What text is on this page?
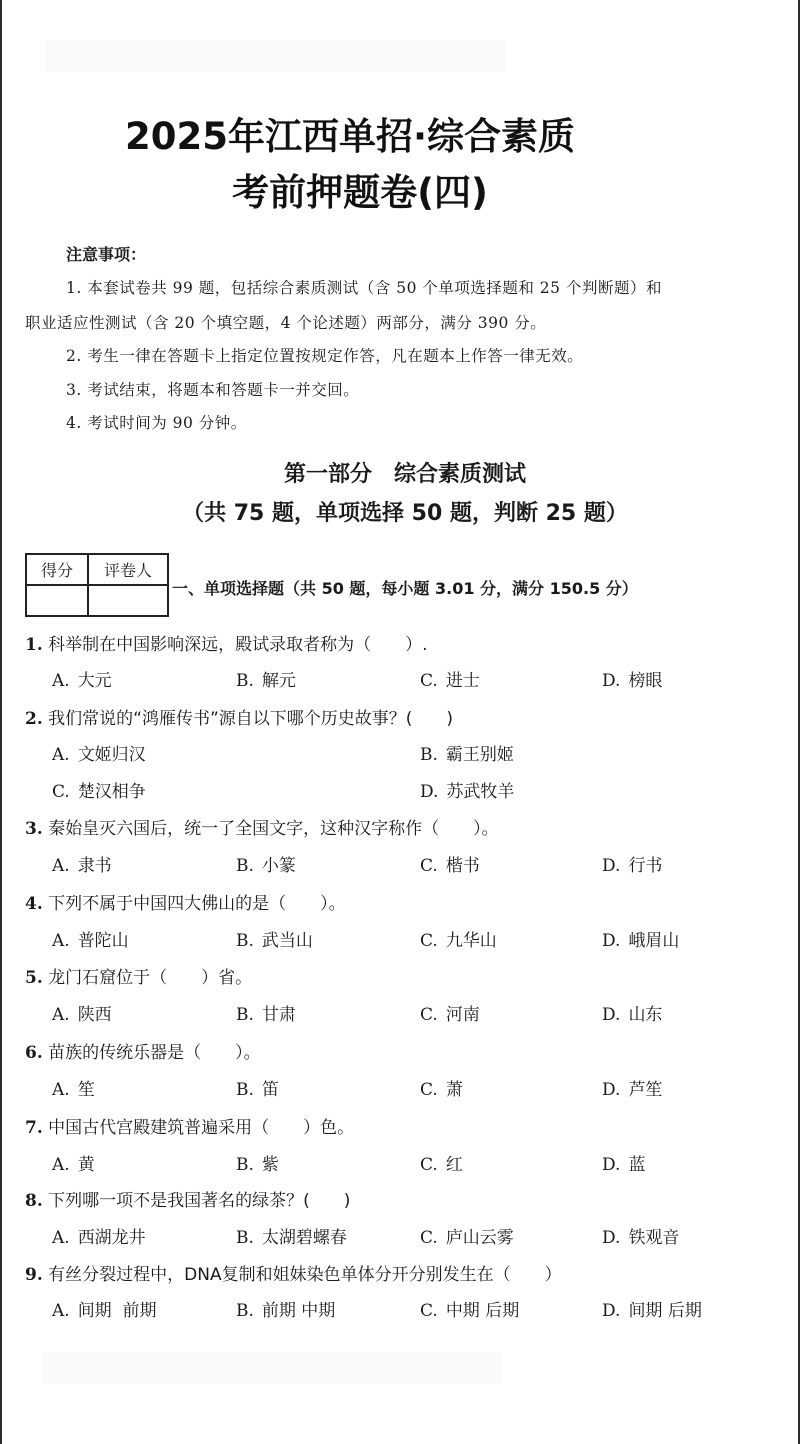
2025年江西单招·综合素质
考前押题卷(四)
注意事项：
1. 本套试卷共 99 题，包括综合素质测试（含 50 个单项选择题和 25 个判断题）和
职业适应性测试（含 20 个填空题，4 个论述题）两部分，满分 390 分。
2. 考生一律在答题卡上指定位置按规定作答，凡在题本上作答一律无效。
3. 考试结束，将题本和答题卡一并交回。
4. 考试时间为 90 分钟。
第一部分　综合素质测试
（共 75 题，单项选择 50 题，判断 25 题）
得分	评卷人

一、单项选择题（共 50 题，每小题 3.01 分，满分 150.5 分）
1. 科举制在中国影响深远，殿试录取者称为（　　）.
A. 大元	B. 解元	C. 进士	D. 榜眼
2. 我们常说的“鸿雁传书”源自以下哪个历史故事？(　　)
A. 文姬归汉	B. 霸王别姬
C. 楚汉相争	D. 苏武牧羊
3. 秦始皇灭六国后，统一了全国文字，这种汉字称作（　　）。
A. 隶书	B. 小篆	C. 楷书	D. 行书
4. 下列不属于中国四大佛山的是（　　）。
A. 普陀山	B. 武当山	C. 九华山	D. 峨眉山
5. 龙门石窟位于（　　）省。
A. 陕西	B. 甘肃	C. 河南	D. 山东
6. 苗族的传统乐器是（　　）。
A. 笙	B. 笛	C. 萧	D. 芦笙
7. 中国古代宫殿建筑普遍采用（　　）色。
A. 黄	B. 紫	C. 红	D. 蓝
8. 下列哪一项不是我国著名的绿茶？(　　)
A. 西湖龙井	B. 太湖碧螺春	C. 庐山云雾	D. 铁观音
9. 有丝分裂过程中，DNA复制和姐妹染色单体分开分别发生在（　　）
A. 间期  前期	B. 前期 中期	C. 中期 后期	D. 间期 后期
